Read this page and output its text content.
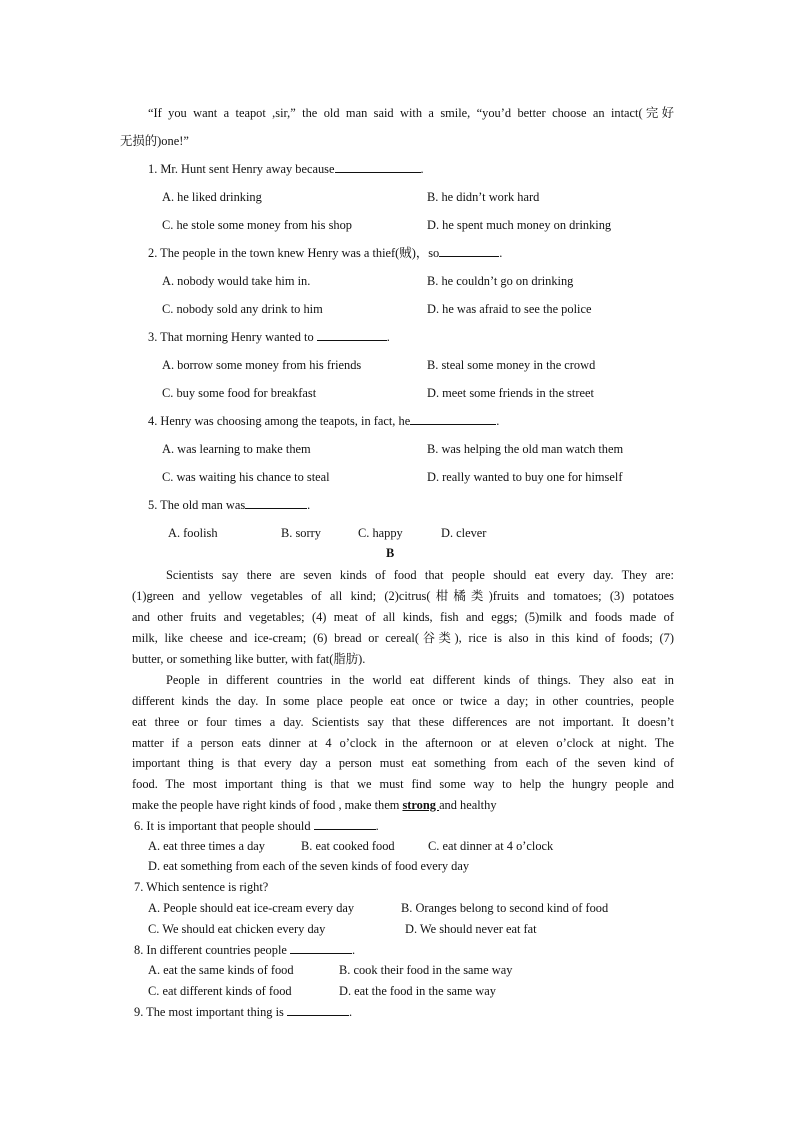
“If you want a teapot ,sir,” the old man said with a smile, “you’d better choose an intact(完好
无损的)one!”
1. Mr. Hunt sent Henry away because	.
A. he liked drinking	B. he didn’t work hard
C. he stole some money from his shop	D. he spent much money on drinking
2. The people in the town knew Henry was a thief(贼)，so	.
A. nobody would take him in.	B. he couldn’t go on drinking
C. nobody sold any drink to him	D. he was afraid to see the police
3. That morning Henry wanted to	.
A. borrow some money from his friends	B. steal some money in the crowd
C. buy some food for breakfast	D. meet some friends in the street
4. Henry was choosing among the teapots, in fact, he	.
A. was learning to make them	B. was helping the old man watch them
C. was waiting his chance to steal	D. really wanted to buy one for himself
5. The old man was	.
A. foolish	B. sorry	C. happy	D. clever
B
Scientists say there are seven kinds of food that people should eat every day. They are:
(1)green and yellow vegetables of all kind; (2)citrus(柑橘类)fruits and tomatoes; (3) potatoes
and other fruits and vegetables; (4) meat of all kinds, fish and eggs; (5)milk and foods made of
milk, like cheese and ice-cream; (6) bread or cereal(谷类), rice is also in this kind of foods; (7)
butter, or something like butter, with fat(脂肪).
People in different countries in the world eat different kinds of things. They also eat in
different kinds the day. In some place people eat once or twice a day; in other countries, people
eat three or four times a day. Scientists say that these differences are not important. It doesn’t
matter if a person eats dinner at 4 o’clock in the afternoon or at eleven o’clock at night. The
important thing is that every day a person must eat something from each of the seven kind of
food. The most important thing is that we must find some way to help the hungry people and
make the people have right kinds of food , make them strong and healthy
6. It is important that people should	.
A. eat three times a day	B. eat cooked food	C. eat dinner at 4 o’clock
D. eat something from each of the seven kinds of food every day
7. Which sentence is right?
A. People should eat ice-cream every day	B. Oranges belong to second kind of food
C. We should eat chicken every day	D. We should never eat fat
8. In different countries people	.
A. eat the same kinds of food	B. cook their food in the same way
C. eat different kinds of food	D. eat the food in the same way
9. The most important thing is	.
